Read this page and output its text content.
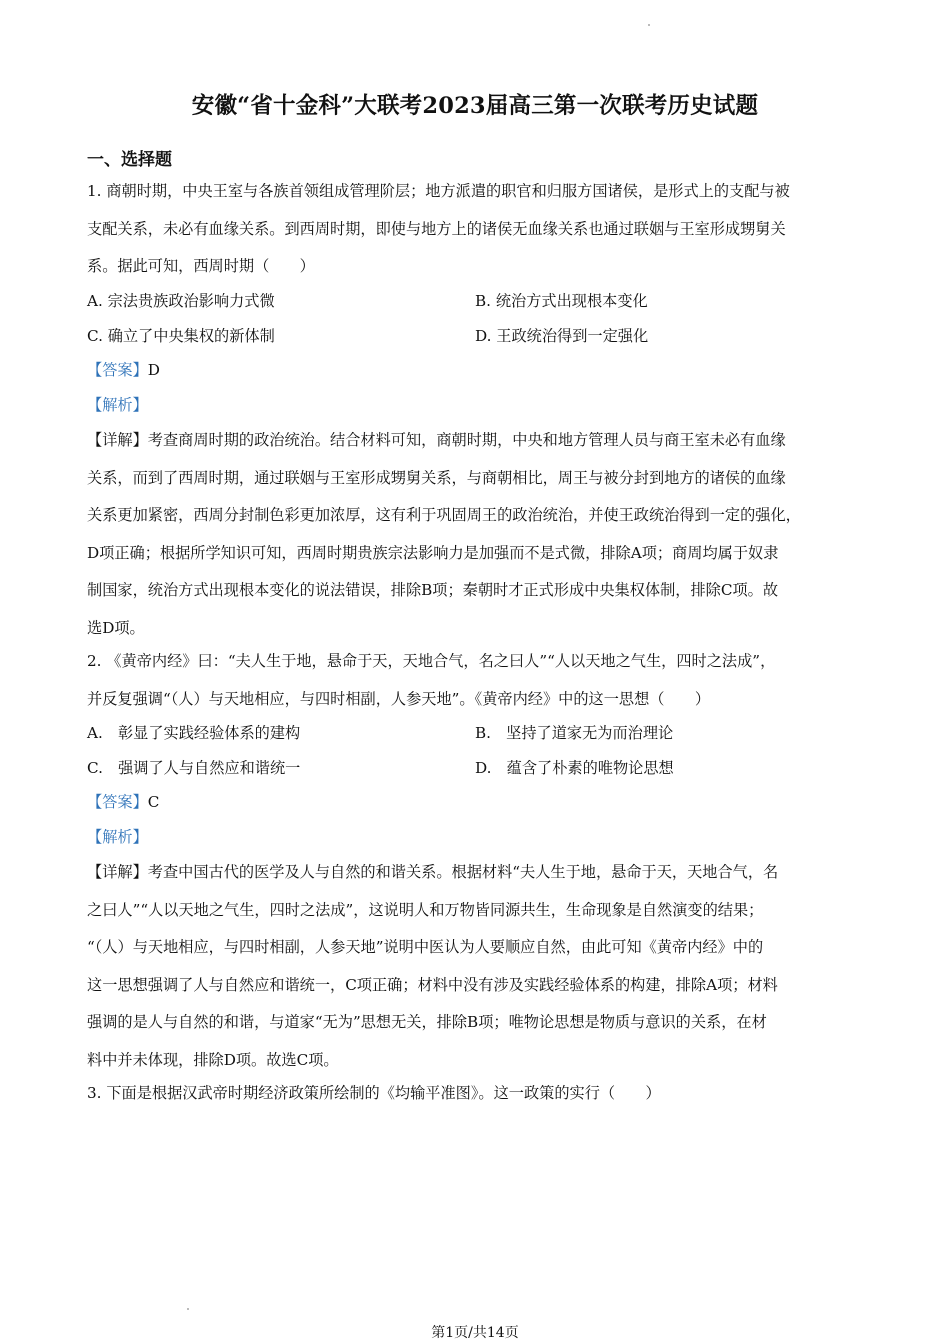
安徽“省十金科”大联考2023届高三第一次联考历史试题
一、选择题
1. 商朝时期，中央王室与各族首领组成管理阶层；地方派遣的职官和归服方国诸侯，是形式上的支配与被
支配关系，未必有血缘关系。到西周时期，即使与地方上的诸侯无血缘关系也通过联姻与王室形成甥舅关
系。据此可知，西周时期（　　）
A. 宗法贵族政治影响力式微	B. 统治方式出现根本变化
C. 确立了中央集权的新体制	D. 王政统治得到一定强化
【答案】D
【解析】
【详解】考查商周时期的政治统治。结合材料可知，商朝时期，中央和地方管理人员与商王室未必有血缘
关系，而到了西周时期，通过联姻与王室形成甥舅关系，与商朝相比，周王与被分封到地方的诸侯的血缘
关系更加紧密，西周分封制色彩更加浓厚，这有利于巩固周王的政治统治，并使王政统治得到一定的强化，
D项正确；根据所学知识可知，西周时期贵族宗法影响力是加强而不是式微，排除A项；商周均属于奴隶
制国家，统治方式出现根本变化的说法错误，排除B项；秦朝时才正式形成中央集权体制，排除C项。故
选D项。
2. 《黄帝内经》曰：“夫人生于地，悬命于天，天地合气，名之曰人”“人以天地之气生，四时之法成”，
并反复强调“（人）与天地相应，与四时相副，人参天地”。《黄帝内经》中的这一思想（　　）
A.　彰显了实践经验体系的建构	B.　坚持了道家无为而治理论
C.　强调了人与自然应和谐统一	D.　蕴含了朴素的唯物论思想
【答案】C
【解析】
【详解】考查中国古代的医学及人与自然的和谐关系。根据材料“夫人生于地，悬命于天，天地合气，名
之曰人”“人以天地之气生，四时之法成”，这说明人和万物皆同源共生，生命现象是自然演变的结果；
“（人）与天地相应，与四时相副，人参天地”说明中医认为人要顺应自然，由此可知《黄帝内经》中的
这一思想强调了人与自然应和谐统一，C项正确；材料中没有涉及实践经验体系的构建，排除A项；材料
强调的是人与自然的和谐，与道家“无为”思想无关，排除B项；唯物论思想是物质与意识的关系，在材
料中并未体现，排除D项。故选C项。
3. 下面是根据汉武帝时期经济政策所绘制的《均输平准图》。这一政策的实行（　　）
第1页/共14页
